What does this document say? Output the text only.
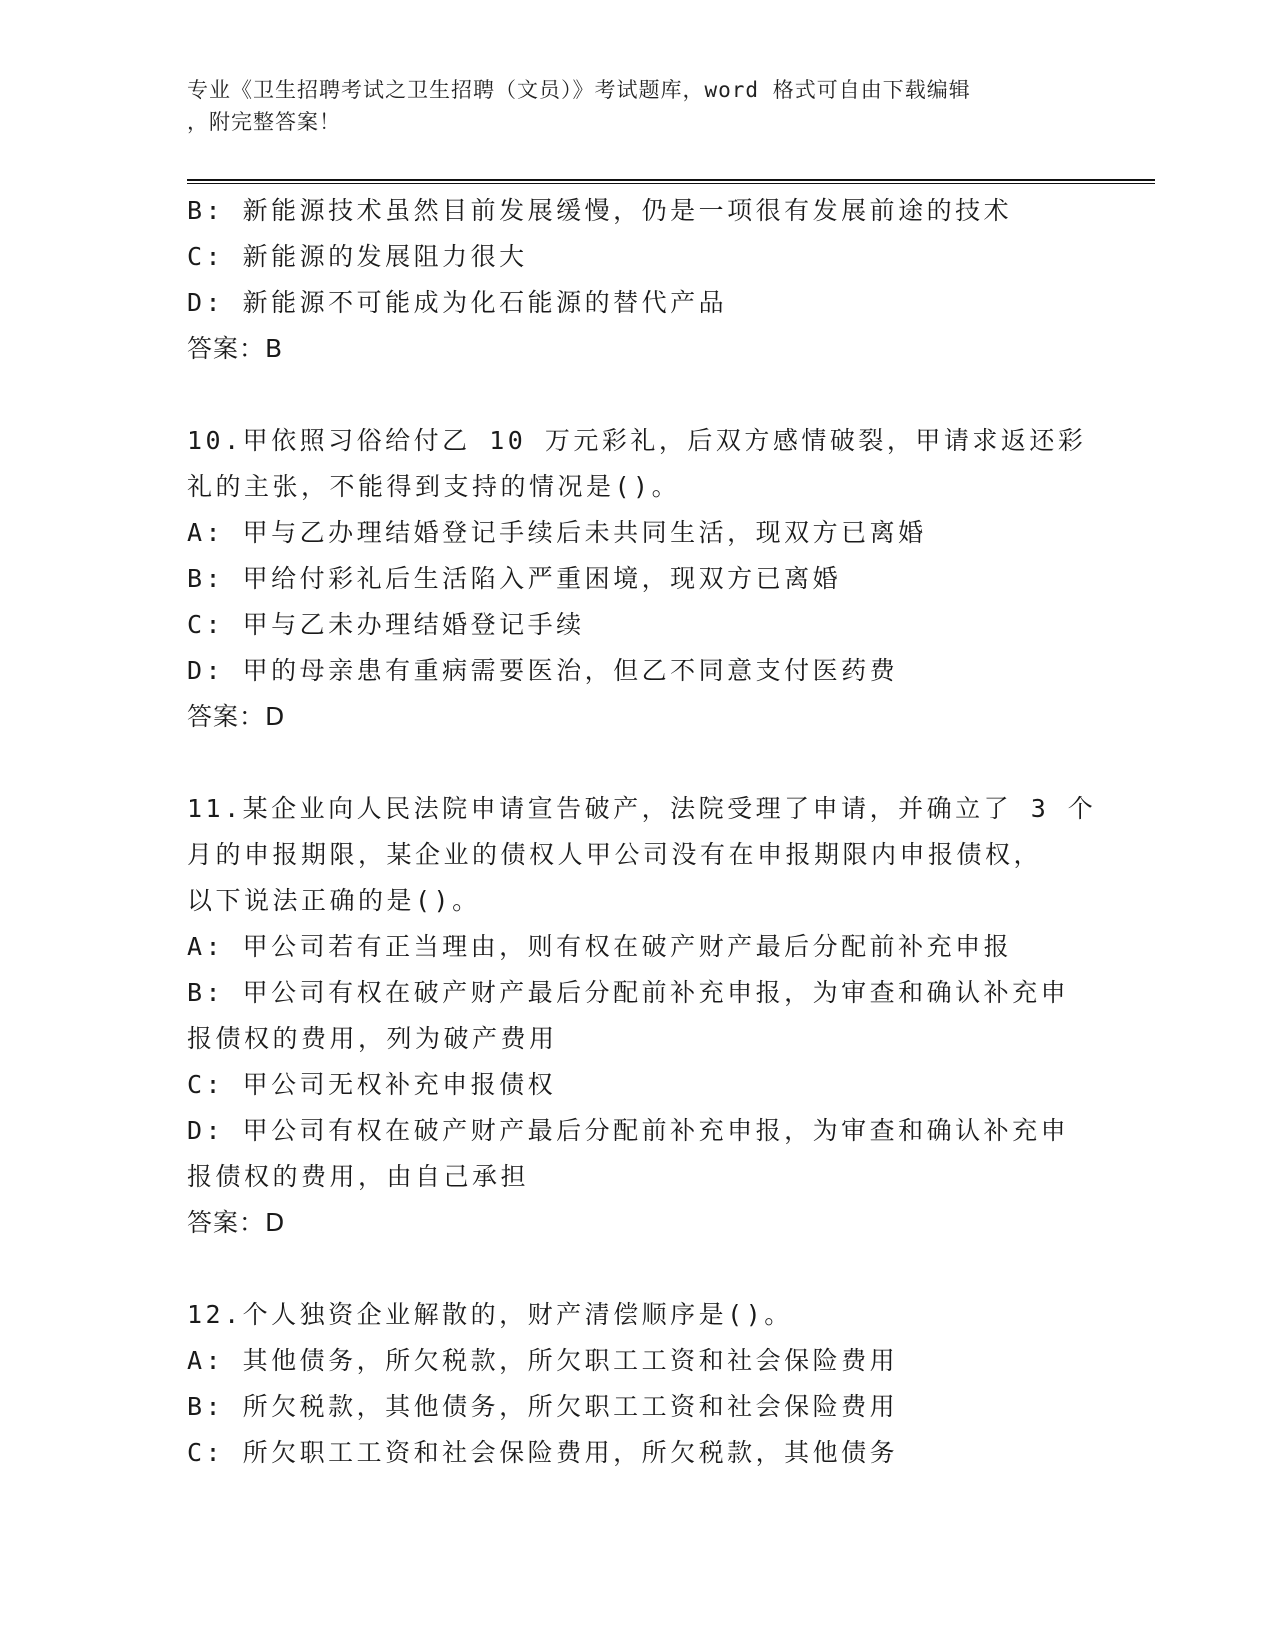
专业《卫生招聘考试之卫生招聘（文员）》考试题库，word 格式可自由下载编辑
，附完整答案！
B: 新能源技术虽然目前发展缓慢，仍是一项很有发展前途的技术
C: 新能源的发展阻力很大
D: 新能源不可能成为化石能源的替代产品
答案：B
10.甲依照习俗给付乙 10 万元彩礼，后双方感情破裂，甲请求返还彩
礼的主张，不能得到支持的情况是()。
A: 甲与乙办理结婚登记手续后未共同生活，现双方已离婚
B: 甲给付彩礼后生活陷入严重困境，现双方已离婚
C: 甲与乙未办理结婚登记手续
D: 甲的母亲患有重病需要医治，但乙不同意支付医药费
答案：D
11.某企业向人民法院申请宣告破产，法院受理了申请，并确立了 3 个
月的申报期限，某企业的债权人甲公司没有在申报期限内申报债权，
以下说法正确的是()。
A: 甲公司若有正当理由，则有权在破产财产最后分配前补充申报
B: 甲公司有权在破产财产最后分配前补充申报，为审查和确认补充申
报债权的费用，列为破产费用
C: 甲公司无权补充申报债权
D: 甲公司有权在破产财产最后分配前补充申报，为审查和确认补充申
报债权的费用，由自己承担
答案：D
12.个人独资企业解散的，财产清偿顺序是()。
A: 其他债务，所欠税款，所欠职工工资和社会保险费用
B: 所欠税款，其他债务，所欠职工工资和社会保险费用
C: 所欠职工工资和社会保险费用，所欠税款，其他债务
